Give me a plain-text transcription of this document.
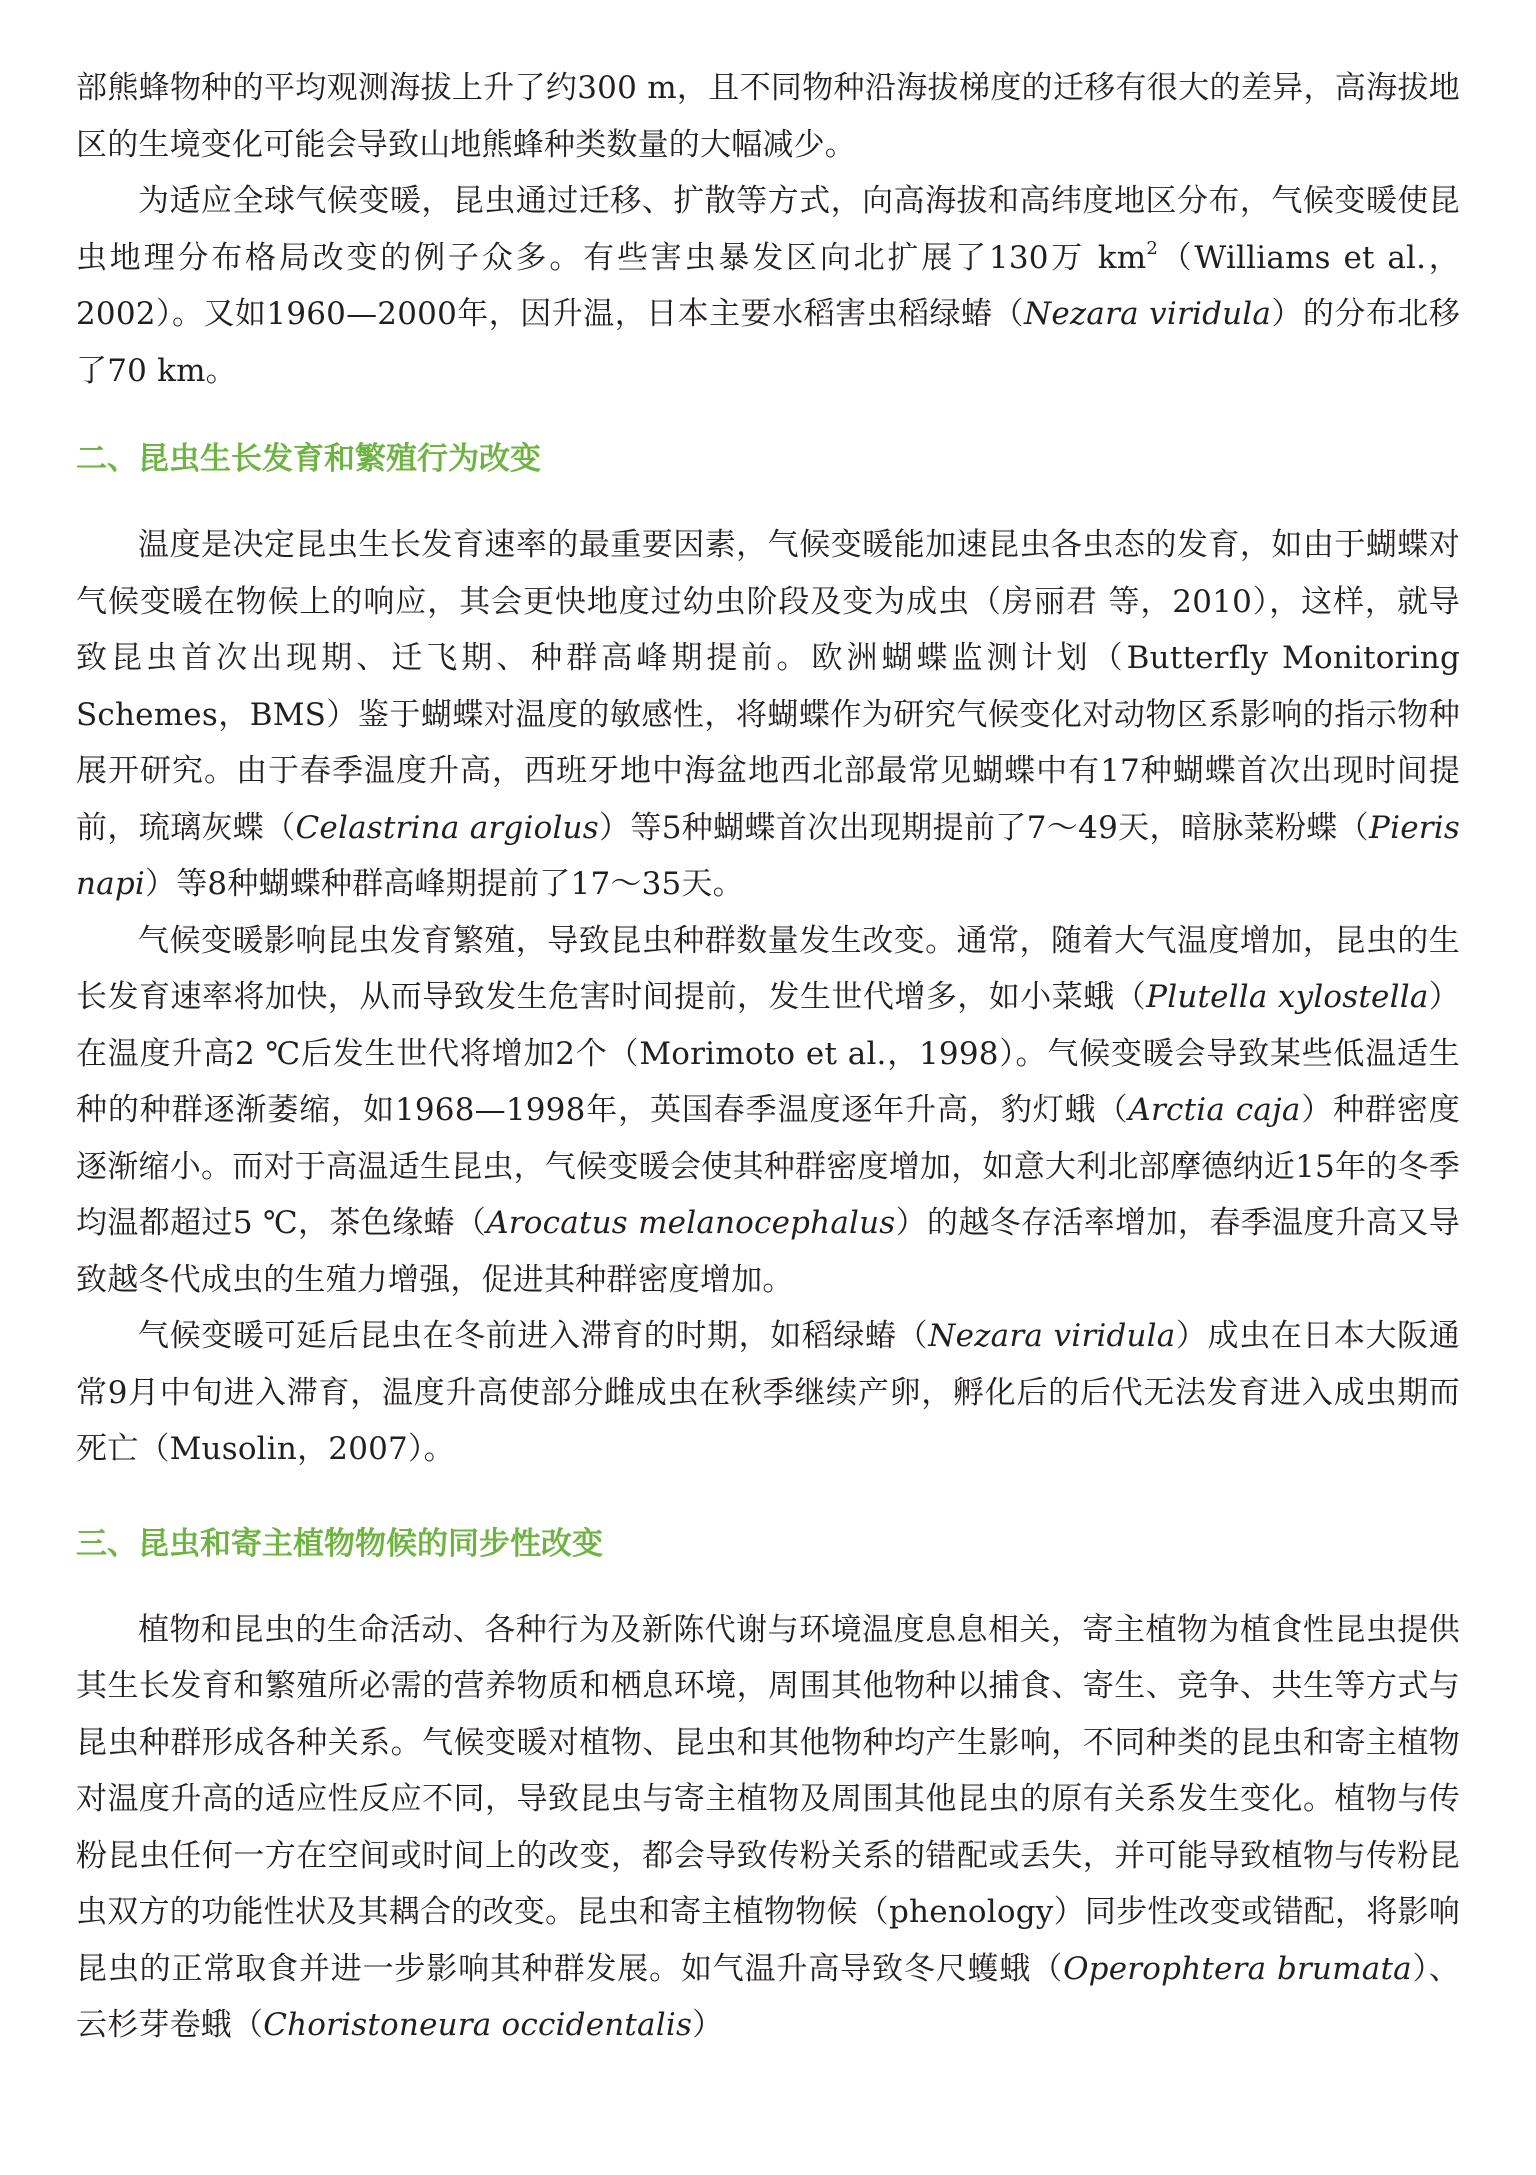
部熊蜂物种的平均观测海拔上升了约300 m，且不同物种沿海拔梯度的迁移有很大的差异，高海拔地区的生境变化可能会导致山地熊蜂种类数量的大幅减少。

为适应全球气候变暖，昆虫通过迁移、扩散等方式，向高海拔和高纬度地区分布，气候变暖使昆虫地理分布格局改变的例子众多。有些害虫暴发区向北扩展了130万 $km^2(Williams$ et al.，2002）。又如1960—2000年，因升温，日本主要水稻害虫稻绿蝽（Nezara viridula）的分布北移了70 km。

二、昆虫生长发育和繁殖行为改变

温度是决定昆虫生长发育速率的最重要因素，气候变暖能加速昆虫各虫态的发育，如由于蝴蝶对气候变暖在物候上的响应，其会更快地度过幼虫阶段及变为成虫（房丽君 等，2010），这样，就导致昆虫首次出现期、迁飞期、种群高峰期提前。欧洲蝴蝶监测计划（Butterfly Monitoring Schemes，BMS）鉴于蝴蝶对温度的敏感性，将蝴蝶作为研究气候变化对动物区系影响的指示物种展开研究。由于春季温度升高，西班牙地中海盆地西北部最常见蝴蝶中有17种蝴蝶首次出现时间提前，琉璃灰蝶（Celastrina argiolus）等5种蝴蝶首次出现期提前了7～49天，暗脉菜粉蝶（Pieris napi）等8种蝴蝶种群高峰期提前了17～35天。

气候变暖影响昆虫发育繁殖，导致昆虫种群数量发生改变。通常，随着大气温度增加，昆虫的生长发育速率将加快，从而导致发生危害时间提前，发生世代增多，如小菜蛾（Plutella xylostella）在温度升高2 ℃后发生世代将增加2个（Morimoto et al.，1998）。气候变暖会导致某些低温适生种的种群逐渐萎缩，如1968—1998年，英国春季温度逐年升高，豹灯蛾（Arctia caja）种群密度逐渐缩小。而对于高温适生昆虫，气候变暖会使其种群密度增加，如意大利北部摩德纳近15年的冬季均温都超过5 ℃，茶色缘蝽（Arocatus melanocephalus）的越冬存活率增加，春季温度升高又导致越冬代成虫的生殖力增强，促进其种群密度增加。

气候变暖可延后昆虫在冬前进入滞育的时期，如稻绿蝽（Nezara viridula）成虫在日本大阪通常9月中旬进入滞育，温度升高使部分雌成虫在秋季继续产卵，孵化后的后代无法发育进入成虫期而死亡（Musolin，2007）。

三、昆虫和寄主植物物候的同步性改变

植物和昆虫的生命活动、各种行为及新陈代谢与环境温度息息相关，寄主植物为植食性昆虫提供其生长发育和繁殖所必需的营养物质和栖息环境，周围其他物种以捕食、寄生、竞争、共生等方式与昆虫种群形成各种关系。气候变暖对植物、昆虫和其他物种均产生影响，不同种类的昆虫和寄主植物对温度升高的适应性反应不同，导致昆虫与寄主植物及周围其他昆虫的原有关系发生变化。植物与传粉昆虫任何一方在空间或时间上的改变，都会导致传粉关系的错配或丢失，并可能导致植物与传粉昆虫双方的功能性状及其耦合的改变。昆虫和寄主植物物候（phenology）同步性改变或错配，将影响昆虫的正常取食并进一步影响其种群发展。如气温升高导致冬尺蠖蛾（Operophtera brumata）、云杉芽卷蛾（Choristoneura occidentalis）
